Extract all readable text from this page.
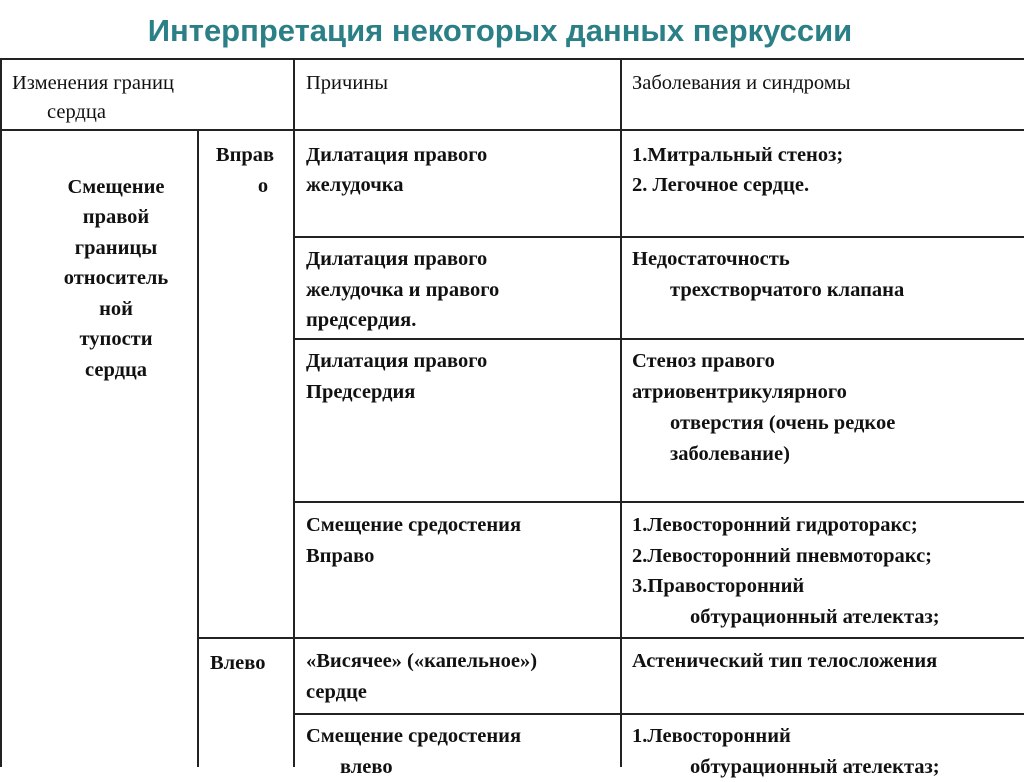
Интерпретация некоторых данных перкуссии
Изменения границ
сердца
Причины	Заболевания и синдромы
Смещение
правой
границы
относитель
ной
тупости
сердца
Вправ
о
Влево
Дилатация правого
желудочка
1.Митральный стеноз;
2. Легочное сердце.
Дилатация правого
желудочка и правого
предсердия.
Недостаточность
трехстворчатого клапана
Дилатация правого
Предсердия
Стеноз правого
атриовентрикулярного
отверстия (очень редкое
заболевание)
Смещение средостения
Вправо
1.Левосторонний гидроторакс;
2.Левосторонний пневмоторакс;
3.Правосторонний
обтурационный ателектаз;
«Висячее» («капельное»)
сердце
Астенический тип телосложения
Смещение средостения
влево
1.Левосторонний
обтурационный ателектаз;
